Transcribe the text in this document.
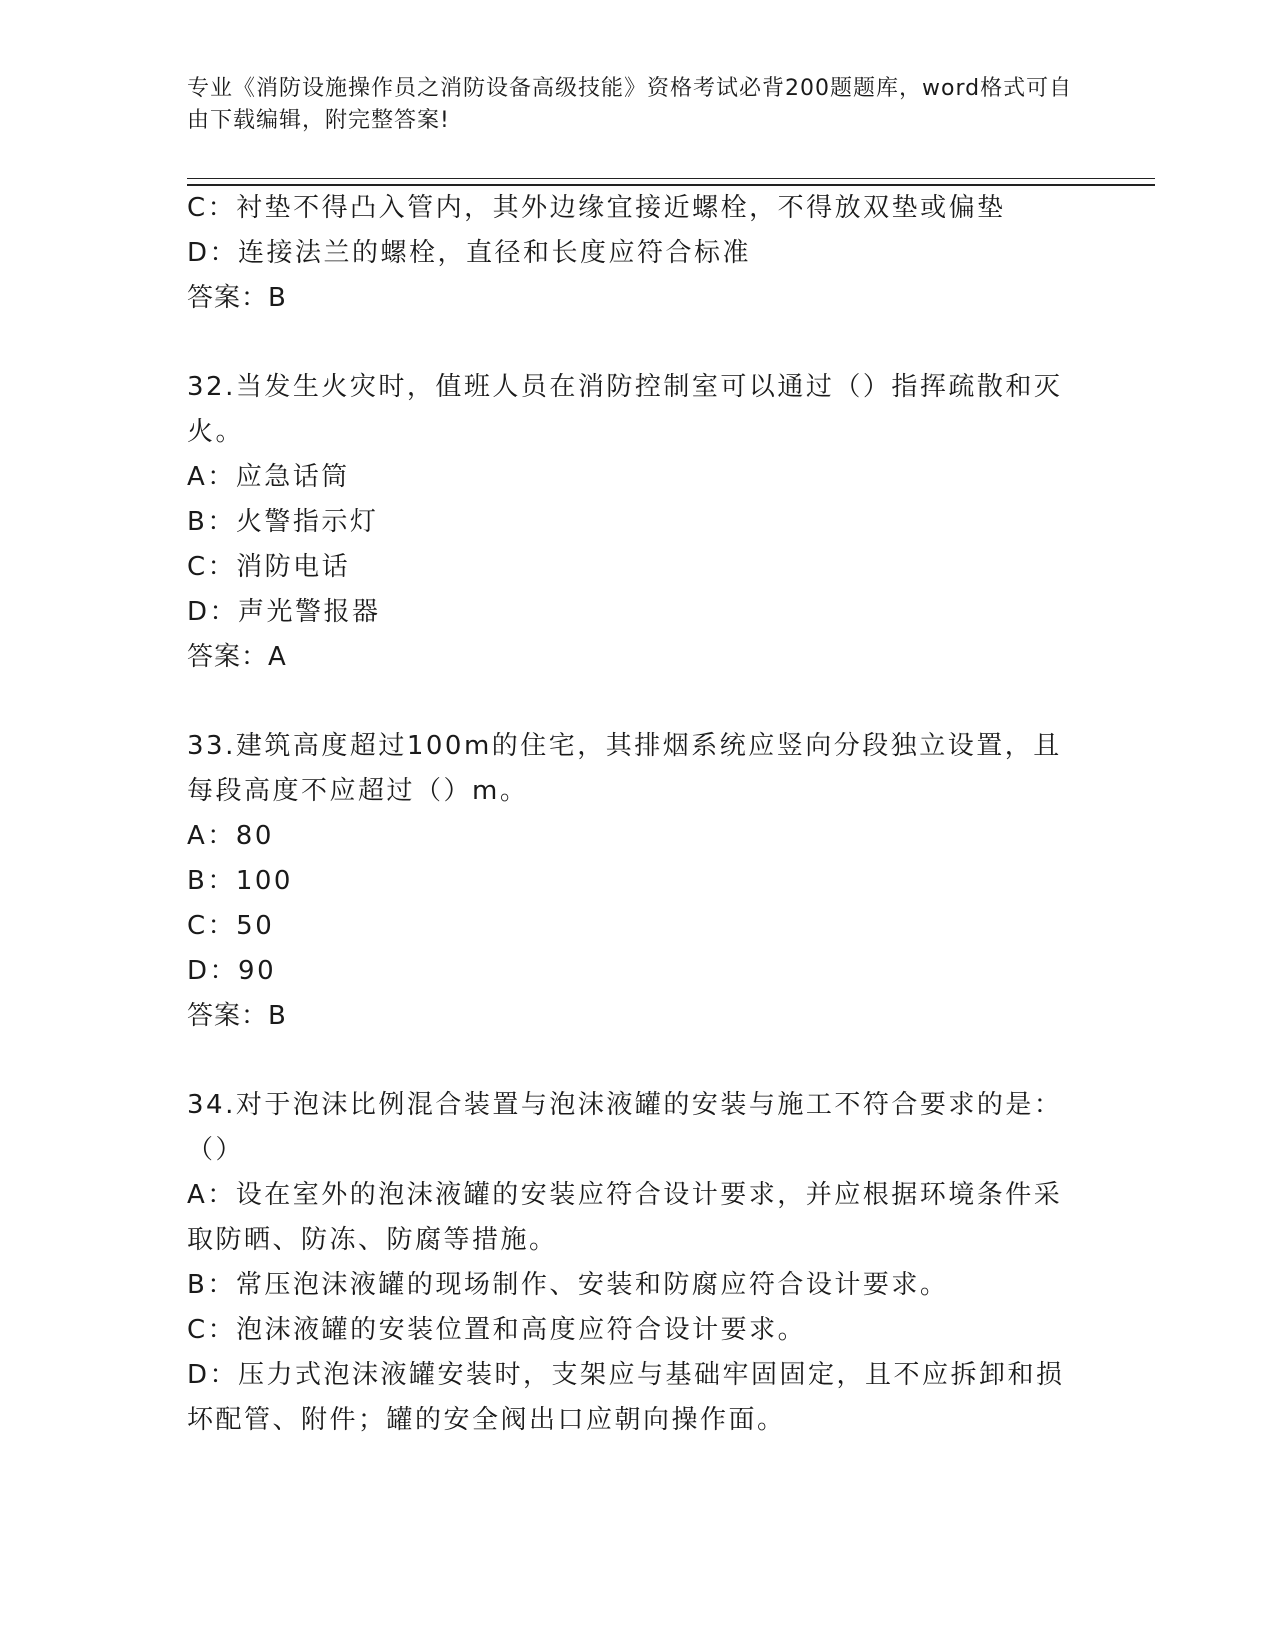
专业《消防设施操作员之消防设备高级技能》资格考试必背200题题库，word格式可自由下载编辑，附完整答案!
C：衬垫不得凸入管内，其外边缘宜接近螺栓，不得放双垫或偏垫
D：连接法兰的螺栓，直径和长度应符合标准
答案：B
32.当发生火灾时，值班人员在消防控制室可以通过（）指挥疏散和灭火。
A：应急话筒
B：火警指示灯
C：消防电话
D：声光警报器
答案：A
33.建筑高度超过100m的住宅，其排烟系统应竖向分段独立设置，且每段高度不应超过（）m。
A：80
B：100
C：50
D：90
答案：B
34.对于泡沫比例混合装置与泡沫液罐的安装与施工不符合要求的是：（）
A：设在室外的泡沫液罐的安装应符合设计要求，并应根据环境条件采取防晒、防冻、防腐等措施。
B：常压泡沫液罐的现场制作、安装和防腐应符合设计要求。
C：泡沫液罐的安装位置和高度应符合设计要求。
D：压力式泡沫液罐安装时，支架应与基础牢固固定，且不应拆卸和损坏配管、附件；罐的安全阀出口应朝向操作面。
